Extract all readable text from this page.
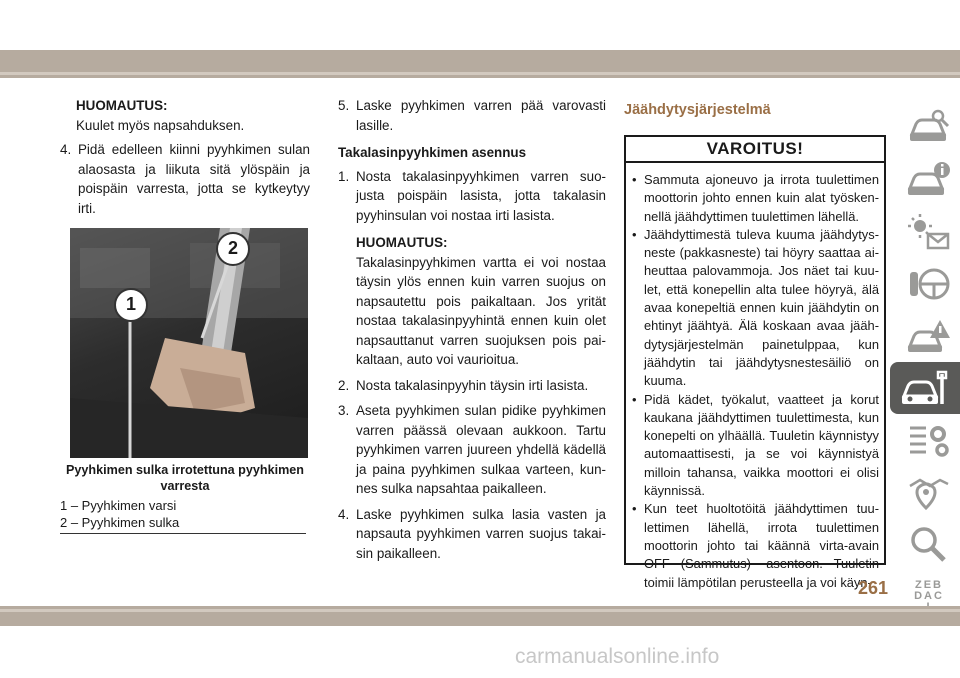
HUOMAUTUS:

Kuulet myös napsahduksen.

4. Pidä edelleen kiinni pyyhkimen sulan alaosasta ja liikuta sitä ylöspäin ja poispäin varresta, jotta se kytkeytyy irti.
1
2
Pyyhkimen sulka irrotettuna pyyhkimen varresta
1 – Pyyhkimen varsi
2 – Pyyhkimen sulka
5. Laske pyyhkimen varren pää varovasti lasille.

Takalasinpyyhkimen asennus

1. Nosta takalasinpyyhkimen varren suojusta poispäin lasista, jotta takalasin pyyhinsulan voi nostaa irti lasista.

HUOMAUTUS:

Takalasinpyyhkimen vartta ei voi nostaa täysin ylös ennen kuin varren suojus on napsautettu pois paikaltaan. Jos yrität nostaa takalasinpyyhintä ennen kuin olet napsauttanut varren suojuksen pois paikaltaan, auto voi vaurioitua.

2. Nosta takalasinpyyhin täysin irti lasista.
3. Aseta pyyhkimen sulan pidike pyyhkimen varren päässä olevaan aukkoon. Tartu pyyhkimen varren juureen yhdellä kädellä ja paina pyyhkimen sulkaa varteen, kunnes sulka napsahtaa paikalleen.
4. Laske pyyhkimen sulka lasia vasten ja napsauta pyyhkimen varren suojus takaisin paikalleen.
Jäähdytysjärjestelmä
VAROITUS!
• Sammuta ajoneuvo ja irrota tuulettimen moottorin johto ennen kuin alat työskennellä jäähdyttimen tuulettimen lähellä.
• Jäähdyttimestä tuleva kuuma jäähdytysneste (pakkasneste) tai höyry saattaa aiheuttaa palovammoja. Jos näet tai kuulet, että konepellin alta tulee höyryä, älä avaa konepeltiä ennen kuin jäähdytin on ehtinyt jäähtyä. Älä koskaan avaa jäähdytysjärjestelmän painetulppaa, kun jäähdytin tai jäähdytysnestesäiliö on kuuma.
• Pidä kädet, työkalut, vaatteet ja korut kaukana jäähdyttimen tuulettimesta, kun konepelti on ylhäällä. Tuuletin käynnistyy automaattisesti, ja se voi käynnistyä milloin tahansa, vaikka moottori ei olisi käynnissä.
• Kun teet huoltotöitä jäähdyttimen tuulettimen lähellä, irrota tuulettimen moottorin johto tai käännä virta-avain OFF (Sammutus) -asentoon. Tuuletin toimii lämpötilan perusteella ja voi käyn-	ZEBDAC
261
carmanualsonline.info
